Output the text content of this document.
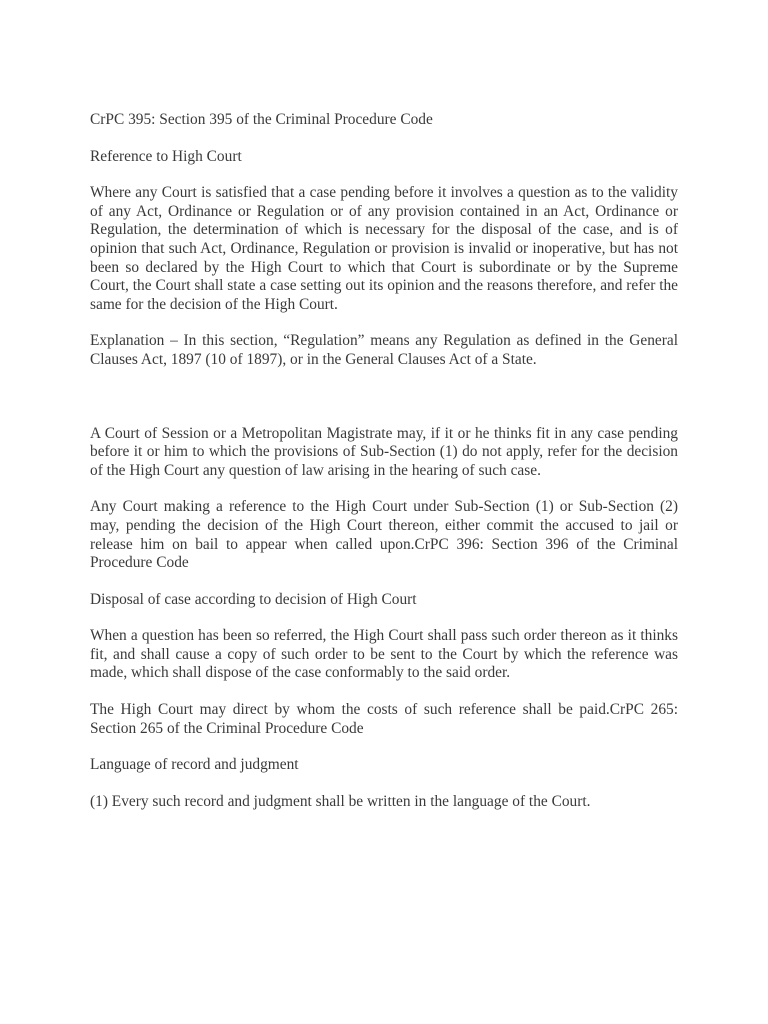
CrPC 395: Section 395 of the Criminal Procedure Code

Reference to High Court

Where any Court is satisfied that a case pending before it involves a question as to the validity of any Act, Ordinance or Regulation or of any provision contained in an Act, Ordinance or Regulation, the determination of which is necessary for the disposal of the case, and is of opinion that such Act, Ordinance, Regulation or provision is invalid or inoperative, but has not been so declared by the High Court to which that Court is subordinate or by the Supreme Court, the Court shall state a case setting out its opinion and the reasons therefore, and refer the same for the decision of the High Court.

Explanation – In this section, “Regulation” means any Regulation as defined in the General Clauses Act, 1897 (10 of 1897), or in the General Clauses Act of a State.

A Court of Session or a Metropolitan Magistrate may, if it or he thinks fit in any case pending before it or him to which the provisions of Sub-Section (1) do not apply, refer for the decision of the High Court any question of law arising in the hearing of such case.

Any Court making a reference to the High Court under Sub-Section (1) or Sub-Section (2) may, pending the decision of the High Court thereon, either commit the accused to jail or release him on bail to appear when called upon.CrPC 396: Section 396 of the Criminal Procedure Code

Disposal of case according to decision of High Court

When a question has been so referred, the High Court shall pass such order thereon as it thinks fit, and shall cause a copy of such order to be sent to the Court by which the reference was made, which shall dispose of the case conformably to the said order.

The High Court may direct by whom the costs of such reference shall be paid.CrPC 265: Section 265 of the Criminal Procedure Code

Language of record and judgment

(1) Every such record and judgment shall be written in the language of the Court.
